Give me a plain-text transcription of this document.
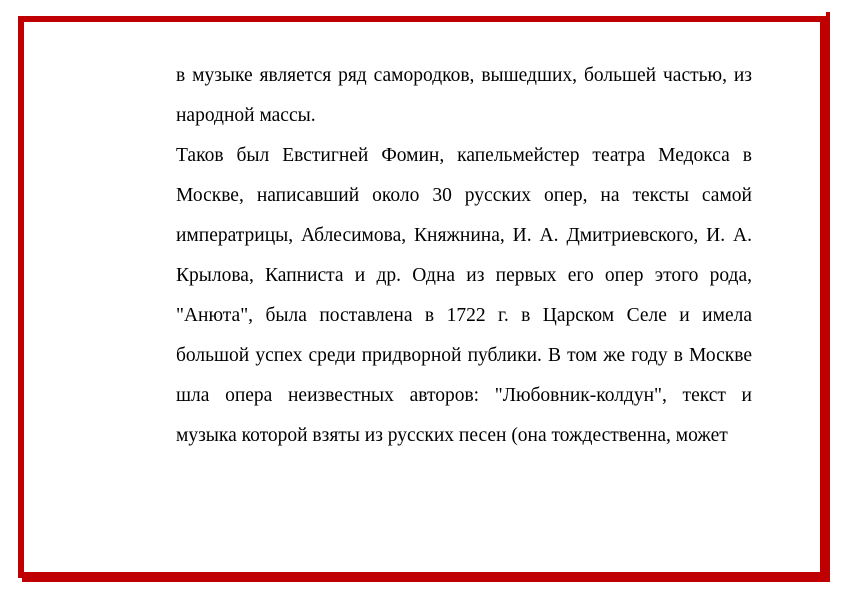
в музыке является ряд самородков, вышедших, большей частью, из народной массы.

Таков был Евстигней Фомин, капельмейстер театра Медокса в Москве, написавший около 30 русских опер, на тексты самой императрицы, Аблесимова, Княжнина, И. А. Дмитриевского, И. А. Крылова, Капниста и др. Одна из первых его опер этого рода, "Анюта", была поставлена в 1722 г. в Царском Селе и имела большой успех среди придворной публики. В том же году в Москве шла опера неизвестных авторов: "Любовник-колдун", текст и музыка которой взяты из русских песен (она тождественна, может
